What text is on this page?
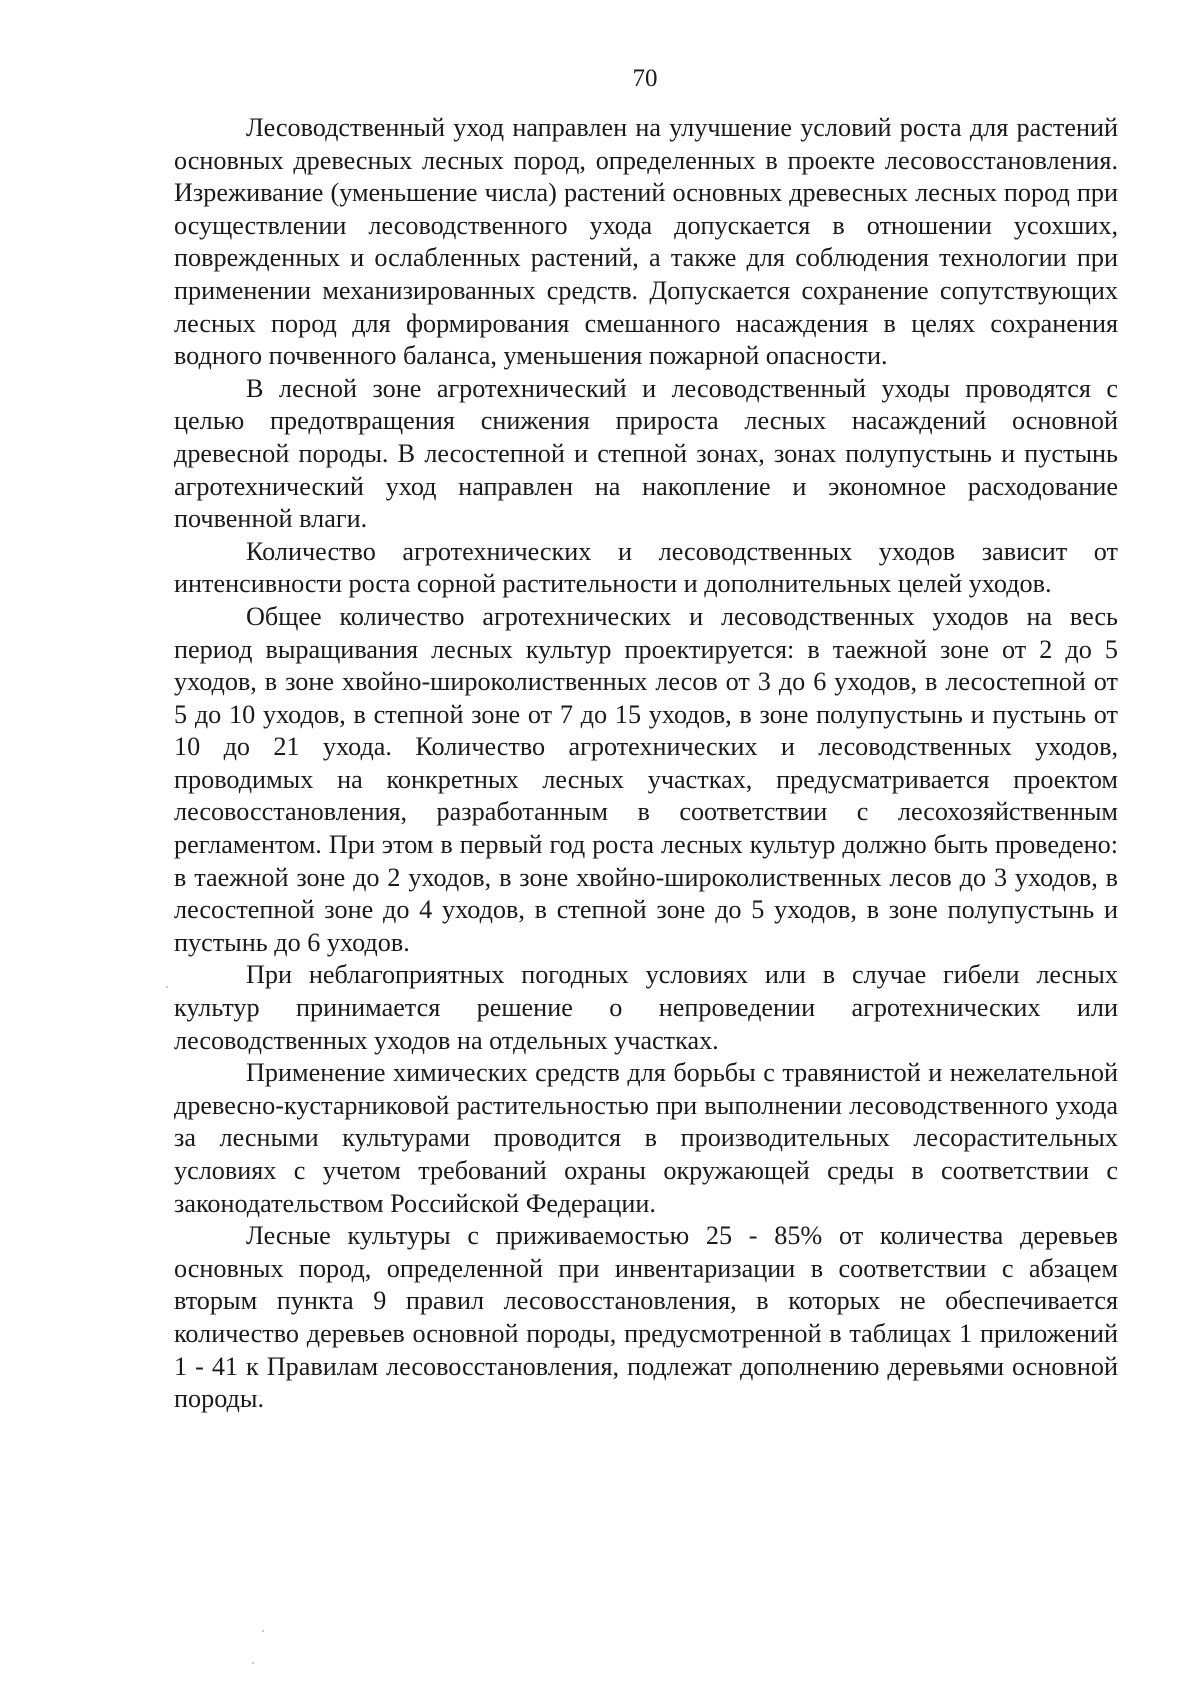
70

Лесоводственный уход направлен на улучшение условий роста для растений основных древесных лесных пород, определенных в проекте лесовосстановления. Изреживание (уменьшение числа) растений основных древесных лесных пород при осуществлении лесоводственного ухода допускается в отношении усохших, поврежденных и ослабленных растений, а также для соблюдения технологии при применении механизированных средств. Допускается сохранение сопутствующих лесных пород для формирования смешанного насаждения в целях сохранения водного почвенного баланса, уменьшения пожарной опасности.

В лесной зоне агротехнический и лесоводственный уходы проводятся с целью предотвращения снижения прироста лесных насаждений основной древесной породы. В лесостепной и степной зонах, зонах полупустынь и пустынь агротехнический уход направлен на накопление и экономное расходование почвенной влаги.

Количество агротехнических и лесоводственных уходов зависит от интенсивности роста сорной растительности и дополнительных целей уходов.

Общее количество агротехнических и лесоводственных уходов на весь период выращивания лесных культур проектируется: в таежной зоне от 2 до 5 уходов, в зоне хвойно-широколиственных лесов от 3 до 6 уходов, в лесостепной от 5 до 10 уходов, в степной зоне от 7 до 15 уходов, в зоне полупустынь и пустынь от 10 до 21 ухода. Количество агротехнических и лесоводственных уходов, проводимых на конкретных лесных участках, предусматривается проектом лесовосстановления, разработанным в соответствии с лесохозяйственным регламентом. При этом в первый год роста лесных культур должно быть проведено: в таежной зоне до 2 уходов, в зоне хвойно-широколиственных лесов до 3 уходов, в лесостепной зоне до 4 уходов, в степной зоне до 5 уходов, в зоне полупустынь и пустынь до 6 уходов.

При неблагоприятных погодных условиях или в случае гибели лесных культур принимается решение о непроведении агротехнических или лесоводственных уходов на отдельных участках.

Применение химических средств для борьбы с травянистой и нежелательной древесно-кустарниковой растительностью при выполнении лесоводственного ухода за лесными культурами проводится в производительных лесорастительных условиях с учетом требований охраны окружающей среды в соответствии с законодательством Российской Федерации.

Лесные культуры с приживаемостью 25 - 85% от количества деревьев основных пород, определенной при инвентаризации в соответствии с абзацем вторым пункта 9 правил лесовосстановления, в которых не обеспечивается количество деревьев основной породы, предусмотренной в таблицах 1 приложений 1 - 41 к Правилам лесовосстановления, подлежат дополнению деревьями основной породы.
